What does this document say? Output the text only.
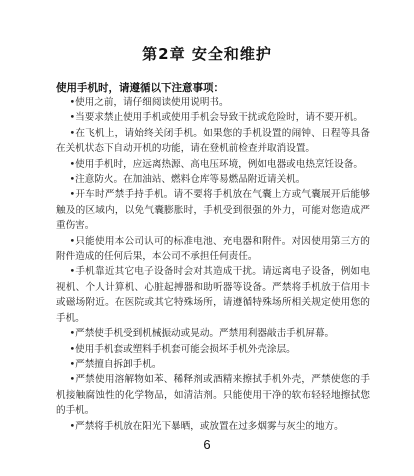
第2章 安全和维护
使用手机时，请遵循以下注意事项：

•使用之前，请仔细阅读使用说明书。

•当要求禁止使用手机或使用手机会导致干扰或危险时，请不要开机。

•在飞机上，请始终关闭手机。如果您的手机设置的闹钟、日程等具备在关机状态下自动开机的功能，请在登机前检查并取消设置。

•使用手机时，应远离热源、高电压环境，例如电器或电热烹饪设备。

•注意防火。在加油站、燃料仓库等易燃品附近请关机。

•开车时严禁手持手机。请不要将手机放在气囊上方或气囊展开后能够触及的区域内，以免气囊膨胀时，手机受到很强的外力，可能对您造成严重伤害。

•只能使用本公司认可的标准电池、充电器和附件。对因使用第三方的附件造成的任何后果，本公司不承担任何责任。

•手机靠近其它电子设备时会对其造成干扰。请远离电子设备，例如电视机、个人计算机、心脏起搏器和助听器等设备。严禁将手机放于信用卡或磁场附近。在医院或其它特殊场所，请遵循特殊场所相关规定使用您的手机。

•严禁使手机受到机械振动或晃动。严禁用利器敲击手机屏幕。

•使用手机套或塑料手机套可能会损坏手机外壳涂层。

•严禁擅自拆卸手机。

•严禁使用溶解物如苯、稀释剂或酒精来擦拭手机外壳，严禁使您的手机接触腐蚀性的化学物品，如清洁剂。只能使用干净的软布轻轻地擦拭您的手机。

•严禁将手机放在阳光下暴晒，或放置在过多烟雾与灰尘的地方。

6
